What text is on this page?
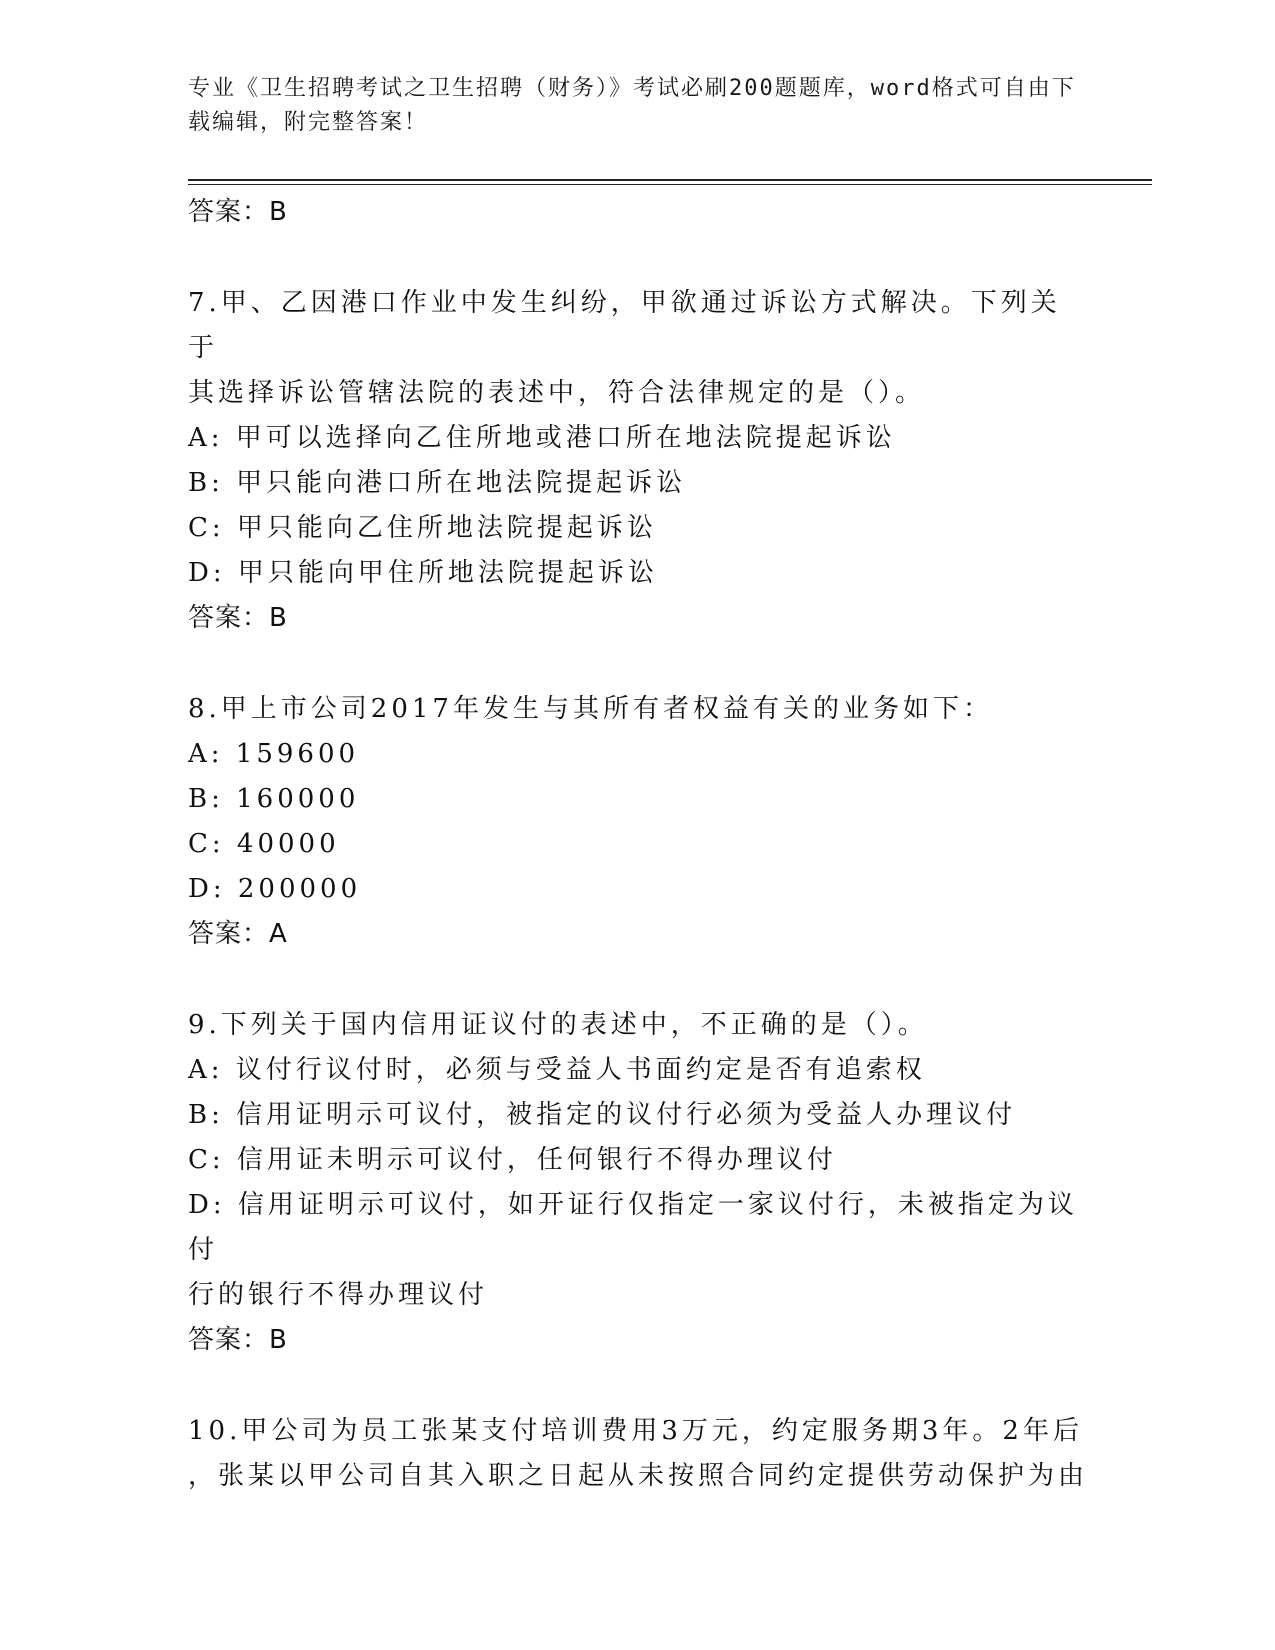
专业《卫生招聘考试之卫生招聘（财务）》考试必刷200题题库，word格式可自由下载编辑，附完整答案！

答案：B

7.甲、乙因港口作业中发生纠纷，甲欲通过诉讼方式解决。下列关于

其选择诉讼管辖法院的表述中，符合法律规定的是（）。

A: 甲可以选择向乙住所地或港口所在地法院提起诉讼

B: 甲只能向港口所在地法院提起诉讼

C: 甲只能向乙住所地法院提起诉讼

D: 甲只能向甲住所地法院提起诉讼

答案：B

8.甲上市公司2017年发生与其所有者权益有关的业务如下：

A: 159600

B: 160000

C: 40000

D: 200000

答案：A

9.下列关于国内信用证议付的表述中，不正确的是（）。

A: 议付行议付时，必须与受益人书面约定是否有追索权

B: 信用证明示可议付，被指定的议付行必须为受益人办理议付

C: 信用证未明示可议付，任何银行不得办理议付

D: 信用证明示可议付，如开证行仅指定一家议付行，未被指定为议付

行的银行不得办理议付

答案：B

10.甲公司为员工张某支付培训费用3万元，约定服务期3年。2年后

，张某以甲公司自其入职之日起从未按照合同约定提供劳动保护为由
